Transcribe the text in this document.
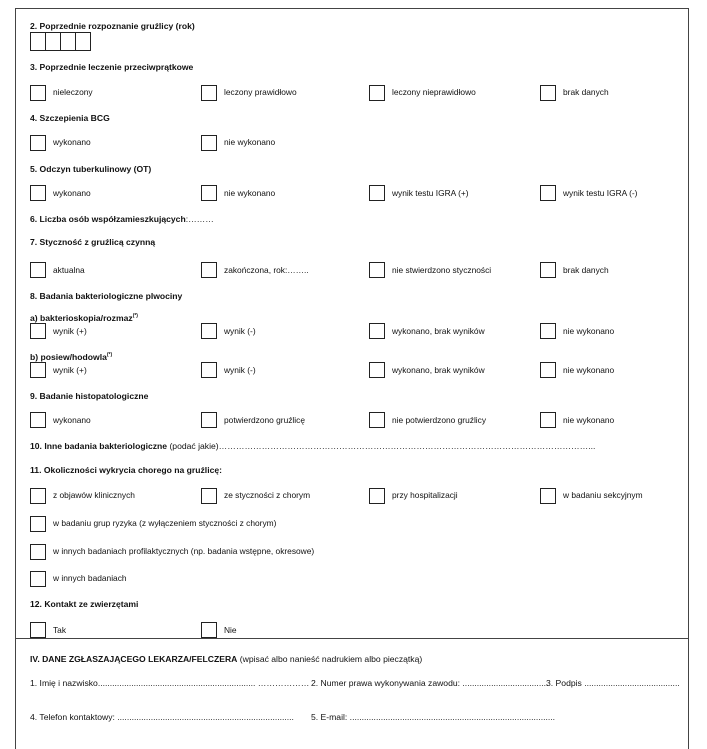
2. Poprzednie rozpoznanie gruźlicy (rok)
3. Poprzednie leczenie przeciwprątkowe
nieleczony	leczony prawidłowo	leczony nieprawidłowo	brak danych
4. Szczepienia BCG
wykonano	nie wykonano
5. Odczyn tuberkulinowy (OT)
wykonano	nie wykonano	wynik testu IGRA (+)	wynik testu IGRA (-)
6. Liczba osób współzamieszkujących:………
7. Styczność z gruźlicą czynną
aktualna	zakończona, rok:……..	nie stwierdzono styczności	brak danych
8. Badania bakteriologiczne plwociny
a) bakterioskopia/rozmaz(*)
wynik (+)	wynik (-)	wykonano, brak wyników	nie wykonano
b) posiew/hodowla(*)
wynik (+)	wynik (-)	wykonano, brak wyników	nie wykonano
9. Badanie histopatologiczne
wykonano	potwierdzono gruźlicę	nie potwierdzono gruźlicy	nie wykonano
10. Inne badania bakteriologiczne (podać jakie)…………………………………………………………………………………………………………………...
11. Okoliczności wykrycia chorego na gruźlicę:
z objawów klinicznych	ze styczności z chorym	przy hospitalizacji	w badaniu sekcyjnym
w badaniu grup ryzyka (z wyłączeniem styczności z chorym)
w innych badaniach profilaktycznych (np. badania wstępne, okresowe)
w innych badaniach
12. Kontakt ze zwierzętami
Tak	Nie
IV. DANE ZGŁASZAJĄCEGO LEKARZA/FELCZERA (wpisać albo nanieść nadrukiem albo pieczątką)
1. Imię i nazwisko.................................................................. ……………… 2. Numer prawa wykonywania zawodu: ....................................
3. Podpis ........................................
4. Telefon kontaktowy: .......................................................................... 5. E-mail: ......................................................................................
